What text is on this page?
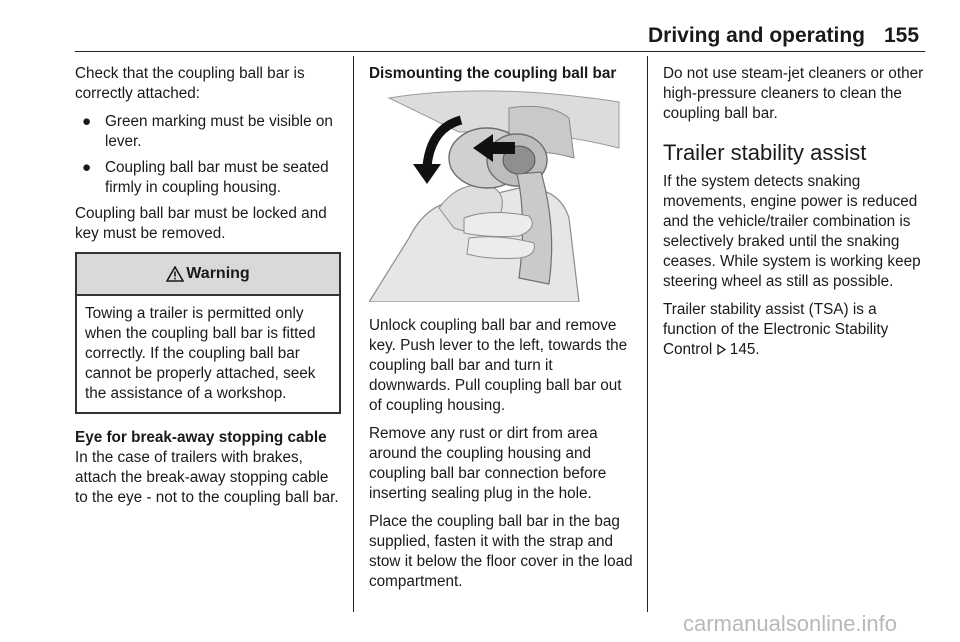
Driving and operating 155

Check that the coupling ball bar is correctly attached:

● Green marking must be visible on lever.
● Coupling ball bar must be seated firmly in coupling housing.

Coupling ball bar must be locked and key must be removed.

Warning
Towing a trailer is permitted only when the coupling ball bar is fitted correctly. If the coupling ball bar cannot be properly attached, seek the assistance of a workshop.

Eye for break-away stopping cable

In the case of trailers with brakes, attach the break-away stopping cable to the eye - not to the coupling ball bar.

Dismounting the coupling ball bar

Unlock coupling ball bar and remove key. Push lever to the left, towards the coupling ball bar and turn it downwards. Pull coupling ball bar out of coupling housing.

Remove any rust or dirt from area around the coupling housing and coupling ball bar connection before inserting sealing plug in the hole.

Place the coupling ball bar in the bag supplied, fasten it with the strap and stow it below the floor cover in the load compartment.

Do not use steam-jet cleaners or other high-pressure cleaners to clean the coupling ball bar.

Trailer stability assist

If the system detects snaking movements, engine power is reduced and the vehicle/trailer combination is selectively braked until the snaking ceases. While system is working keep steering wheel as still as possible.

Trailer stability assist (TSA) is a function of the Electronic Stability Control  145.

carmanualsonline.info
